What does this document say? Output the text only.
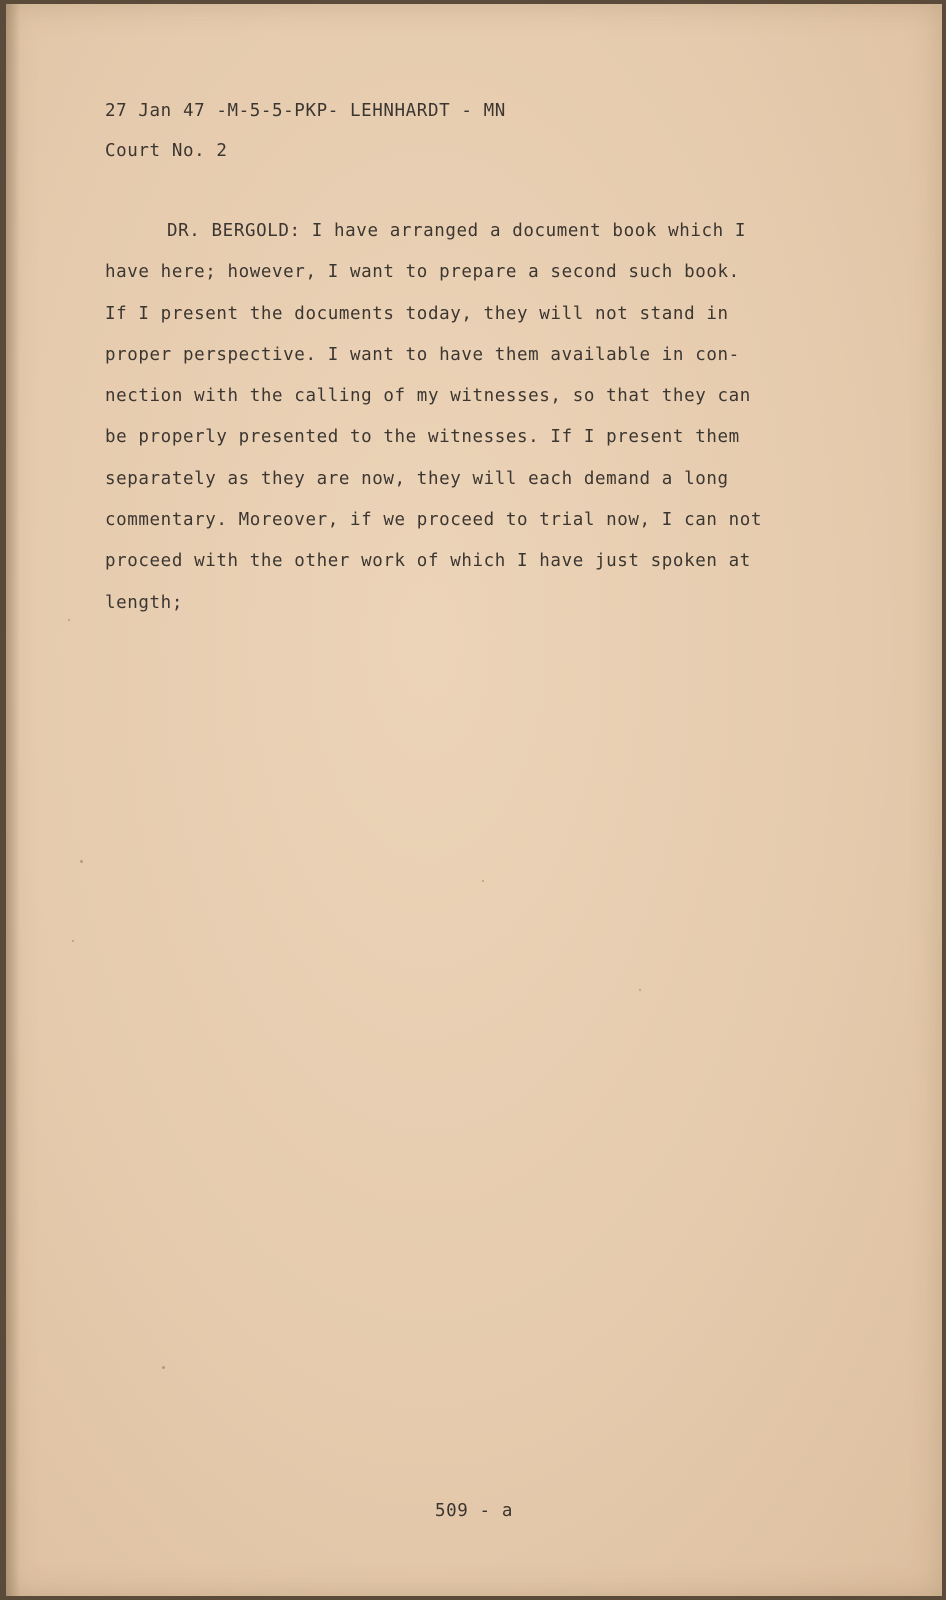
27 Jan 47 -M-5-5-PKP- LEHNHARDT - MN
Court No. 2
DR. BERGOLD: I have arranged a document book which I
have here; however, I want to prepare a second such book.
If I present the documents today, they will not stand in
proper perspective. I want to have them available in con-
nection with the calling of my witnesses, so that they can
be properly presented to the witnesses. If I present them
separately as they are now, they will each demand a long
commentary. Moreover, if we proceed to trial now, I can not
proceed with the other work of which I have just spoken at
length;
509 - a
